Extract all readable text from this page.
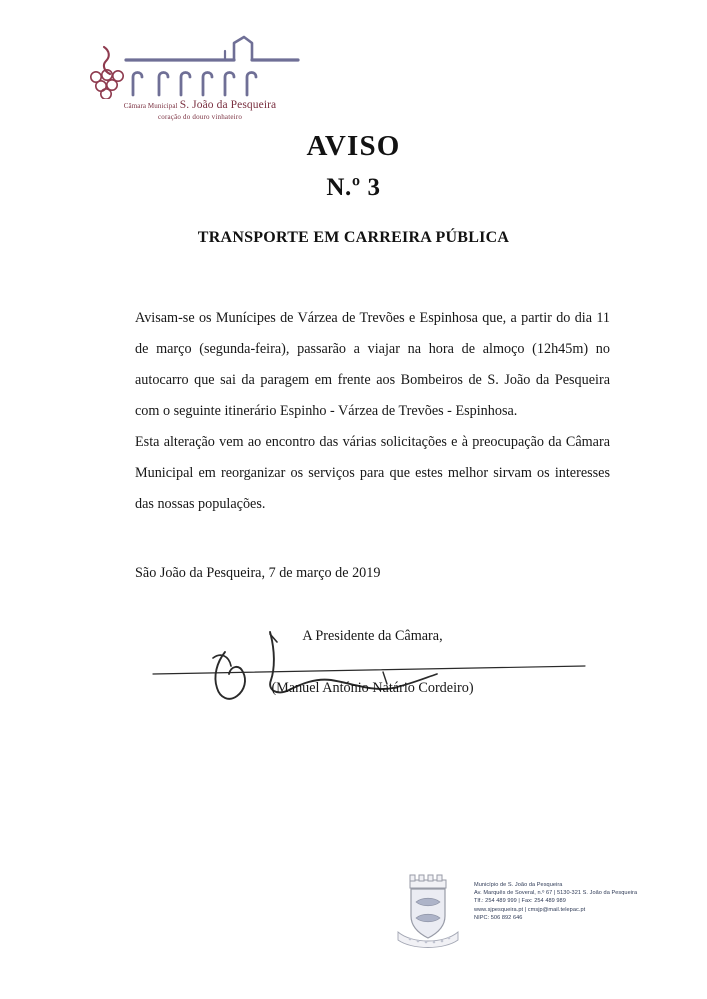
Câmara Municipal S. João da Pesqueira
coração do douro vinhateiro
AVISO
N.º 3
TRANSPORTE EM CARREIRA PÚBLICA

Avisam-se os Munícipes de Várzea de Trevões e Espinhosa que, a partir do dia 11 de março (segunda-feira), passarão a viajar na hora de almoço (12h45m) no autocarro que sai da paragem em frente aos Bombeiros de S. João da Pesqueira com o seguinte itinerário Espinho - Várzea de Trevões - Espinhosa.

Esta alteração vem ao encontro das várias solicitações e à preocupação da Câmara Municipal em reorganizar os serviços para que estes melhor sirvam os interesses das nossas populações.

São João da Pesqueira, 7 de março de 2019
A Presidente da Câmara,
(Manuel António Natário Cordeiro)
Município de S. João da Pesqueira
Av. Marquês de Soveral, n.º 67 | 5130-321 S. João da Pesqueira
Tlf.: 254 489 999 | Fax: 254 489 989
www.sjpesqueira.pt | cmsjp@mail.telepac.pt
NIPC: 506 892 646
